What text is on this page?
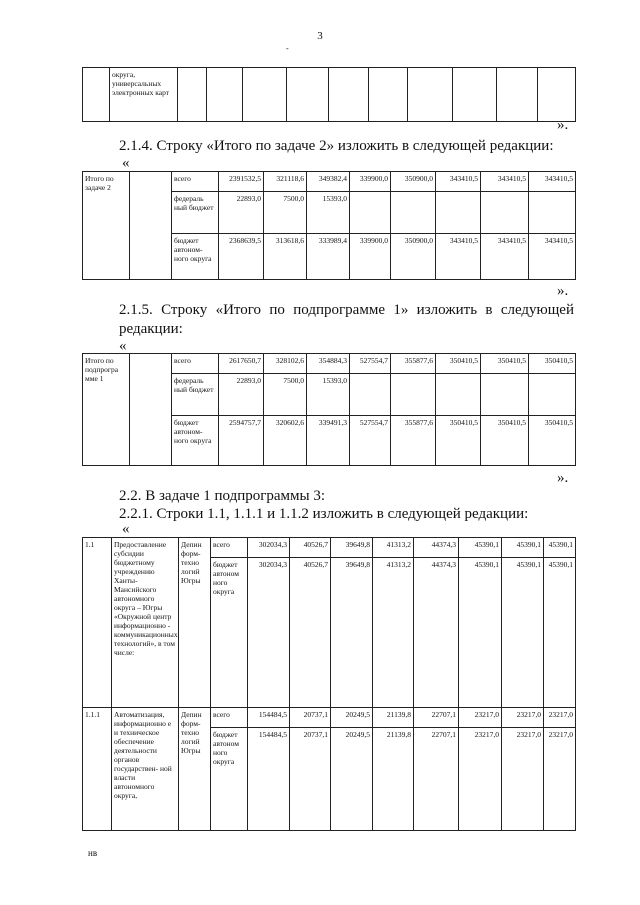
3
-
	округа, универсальных электронных карт										
».
2.1.4. Строку «Итого по задаче 2» изложить в следующей редакции:
«
Итого по задаче 2		всего	2391532,5	321118,6	349382,4	339900,0	350900,0	343410,5	343410,5	343410,5
		федераль ный бюджет	22893,0	7500,0	15393,0					
		бюджет автоном- ного округа	2368639,5	313618,6	333989,4	339900,0	350900,0	343410,5	343410,5	343410,5
».
2.1.5. Строку «Итого по подпрограмме 1» изложить в следующей редакции:
«
Итого по подпрогра мме 1		всего	2617650,7	328102,6	354884,3	527554,7	355877,6	350410,5	350410,5	350410,5
		федераль ный бюджет	22893,0	7500,0	15393,0					
		бюджет автоном- ного округа	2594757,7	320602,6	339491,3	527554,7	355877,6	350410,5	350410,5	350410,5
».
2.2. В задаче 1 подпрограммы 3:
2.2.1. Строки 1.1, 1.1.1 и 1.1.2 изложить в следующей редакции:
«
1.1	Предоставление субсидии бюджетному учреждению Ханты-Мансийского автономного округа – Югры «Окружной центр информационно - коммуникационных технологий», в том числе:	Депин форм- техно логий Югры	всего	302034,3	40526,7	39649,8	41313,2	44374,3	45390,1	45390,1	45390,1
			бюджет автоном ного округа	302034,3	40526,7	39649,8	41313,2	44374,3	45390,1	45390,1	45390,1
1.1.1	Автоматизация, информационно е и техническое обеспечение деятельности органов государствен- ной власти автономного округа,	Депин форм- техно логий Югры	всего	154484,5	20737,1	20249,5	21139,8	22707,1	23217,0	23217,0	23217,0
			бюджет автоном ного округа	154484,5	20737,1	20249,5	21139,8	22707,1	23217,0	23217,0	23217,0
нв
